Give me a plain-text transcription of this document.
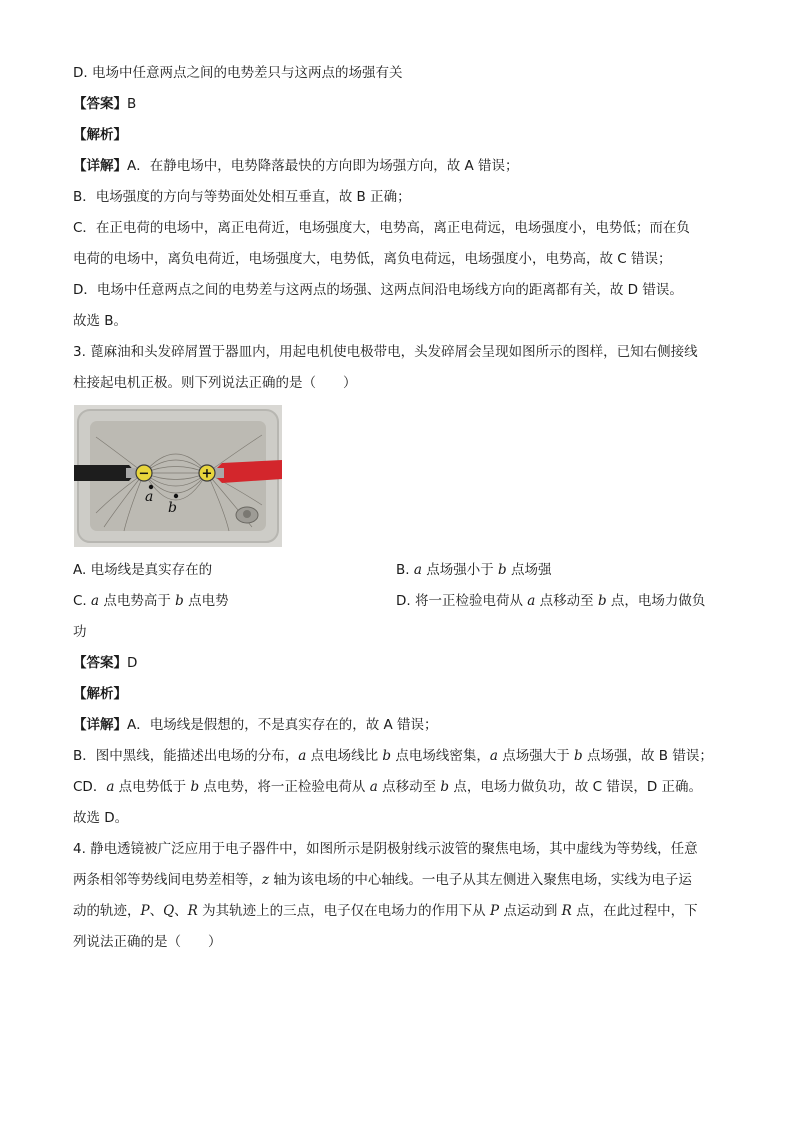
D. 电场中任意两点之间的电势差只与这两点的场强有关
【答案】B
【解析】
【详解】A．在静电场中，电势降落最快的方向即为场强方向，故 A 错误；
B．电场强度的方向与等势面处处相互垂直，故 B 正确；
C．在正电荷的电场中，离正电荷近，电场强度大，电势高，离正电荷远，电场强度小，电势低；而在负
电荷的电场中，离负电荷近，电场强度大，电势低，离负电荷远，电场强度小，电势高，故 C 错误；
D．电场中任意两点之间的电势差与这两点的场强、这两点间沿电场线方向的距离都有关，故 D 错误。
故选 B。
3. 蓖麻油和头发碎屑置于器皿内，用起电机使电极带电，头发碎屑会呈现如图所示的图样，已知右侧接线
柱接起电机正极。则下列说法正确的是（　　）
−	+
a
b
A. 电场线是真实存在的	B. a 点场强小于 b 点场强
C. a 点电势高于 b 点电势	D. 将一正检验电荷从 a 点移动至 b 点，电场力做负
功
【答案】D
【解析】
【详解】A．电场线是假想的，不是真实存在的，故 A 错误；
B．图中黑线，能描述出电场的分布，a 点电场线比 b 点电场线密集，a 点场强大于 b 点场强，故 B 错误；
CD．a 点电势低于 b 点电势，将一正检验电荷从 a 点移动至 b 点，电场力做负功，故 C 错误，D 正确。
故选 D。
4. 静电透镜被广泛应用于电子器件中，如图所示是阴极射线示波管的聚焦电场，其中虚线为等势线，任意
两条相邻等势线间电势差相等，z 轴为该电场的中心轴线。一电子从其左侧进入聚焦电场，实线为电子运
动的轨迹，P、Q、R 为其轨迹上的三点，电子仅在电场力的作用下从 P 点运动到 R 点，在此过程中，下
列说法正确的是（　　）
